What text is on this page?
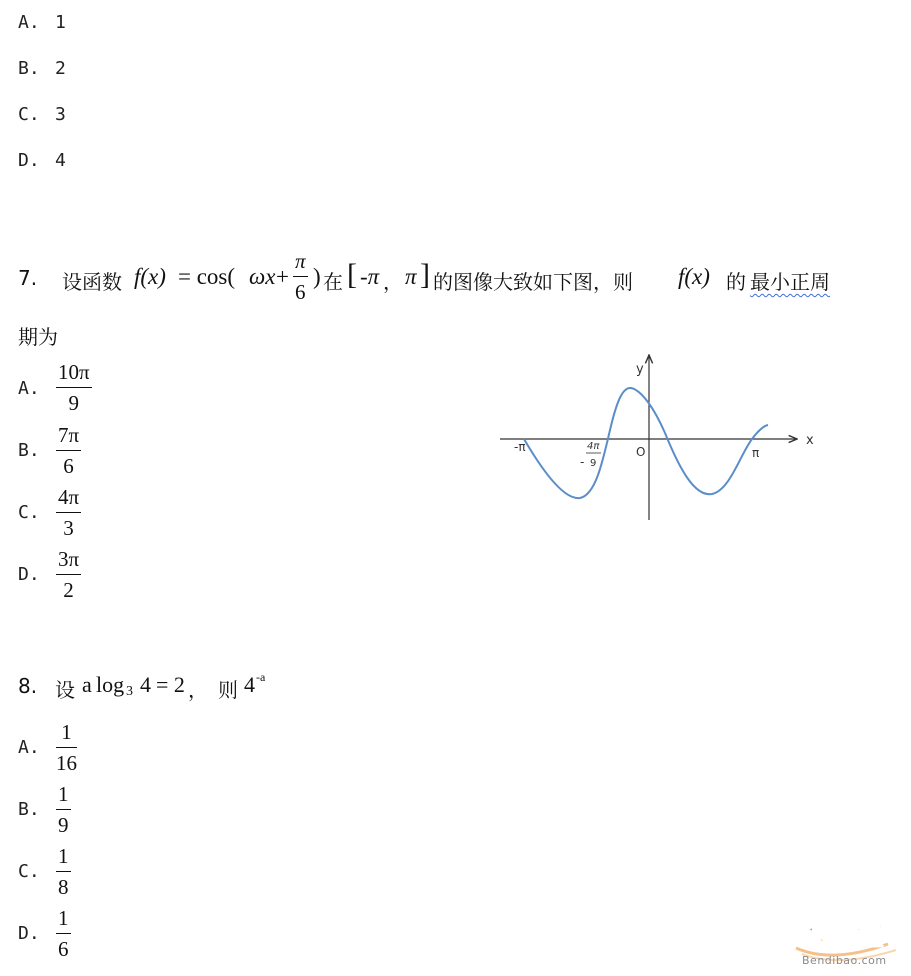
A. 1
B. 2
C. 3
D. 4
7. 设函数 f(x) = cos( ωx +
π
6
) 在 [ -π ， π ] 的图像大致如下图，则 f(x) 的 最小正周
期为
A.
10π
9
B.
7π
6
C.
4π
3
D.
3π
2
y
x
-π
-
4π
9
O	π
8. 设 a log 3 4 = 2 ， 则 4 -a
A.
1
16
B.
1
9
C.
1
8
D.
1
6	本地宝
Bendibao.com
